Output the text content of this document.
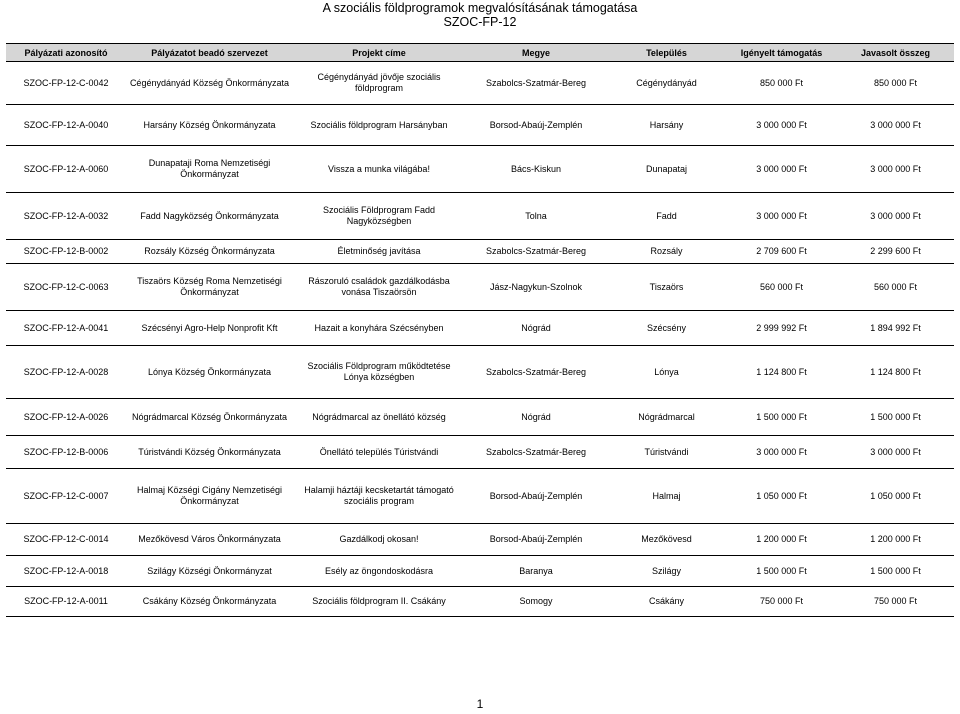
A szociális földprogramok megvalósításának támogatása
SZOC-FP-12
Pályázati azonosító	Pályázatot beadó szervezet	Projekt címe	Megye	Település	Igényelt támogatás	Javasolt összeg
SZOC-FP-12-C-0042	Cégénydányád Község Önkormányzata	Cégénydányád jövője szociális földprogram	Szabolcs-Szatmár-Bereg	Cégénydányád	850 000 Ft	850 000 Ft
SZOC-FP-12-A-0040	Harsány Község Önkormányzata	Szociális földprogram Harsányban	Borsod-Abaúj-Zemplén	Harsány	3 000 000 Ft	3 000 000 Ft
SZOC-FP-12-A-0060	Dunapataji Roma Nemzetiségi Önkormányzat	Vissza a munka világába!	Bács-Kiskun	Dunapataj	3 000 000 Ft	3 000 000 Ft
SZOC-FP-12-A-0032	Fadd Nagyközség Önkormányzata	Szociális Földprogram Fadd Nagyközségben	Tolna	Fadd	3 000 000 Ft	3 000 000 Ft
SZOC-FP-12-B-0002	Rozsály Község Önkormányzata	Életminőség javítása	Szabolcs-Szatmár-Bereg	Rozsály	2 709 600 Ft	2 299 600 Ft
SZOC-FP-12-C-0063	Tiszaörs Község Roma Nemzetiségi Önkormányzat	Rászoruló családok gazdálkodásba vonása Tiszaörsön	Jász-Nagykun-Szolnok	Tiszaörs	560 000 Ft	560 000 Ft
SZOC-FP-12-A-0041	Szécsényi Agro-Help Nonprofit Kft	Hazait a konyhára Szécsényben	Nógrád	Szécsény	2 999 992 Ft	1 894 992 Ft
SZOC-FP-12-A-0028	Lónya Község Önkormányzata	Szociális Földprogram működtetése Lónya községben	Szabolcs-Szatmár-Bereg	Lónya	1 124 800 Ft	1 124 800 Ft
SZOC-FP-12-A-0026	Nógrádmarcal Község Önkormányzata	Nógrádmarcal az önellátó község	Nógrád	Nógrádmarcal	1 500 000 Ft	1 500 000 Ft
SZOC-FP-12-B-0006	Túristvándi Község Önkormányzata	Önellátó település Túristvándi	Szabolcs-Szatmár-Bereg	Túristvándi	3 000 000 Ft	3 000 000 Ft
SZOC-FP-12-C-0007	Halmaj Községi Cigány Nemzetiségi Önkormányzat	Halamji háztáji kecsketartát támogató szociális program	Borsod-Abaúj-Zemplén	Halmaj	1 050 000 Ft	1 050 000 Ft
SZOC-FP-12-C-0014	Mezőkövesd Város Önkormányzata	Gazdálkodj okosan!	Borsod-Abaúj-Zemplén	Mezőkövesd	1 200 000 Ft	1 200 000 Ft
SZOC-FP-12-A-0018	Szilágy Községi Önkormányzat	Esély az öngondoskodásra	Baranya	Szilágy	1 500 000 Ft	1 500 000 Ft
SZOC-FP-12-A-0011	Csákány Község Önkormányzata	Szociális földprogram II. Csákány	Somogy	Csákány	750 000 Ft	750 000 Ft
1
